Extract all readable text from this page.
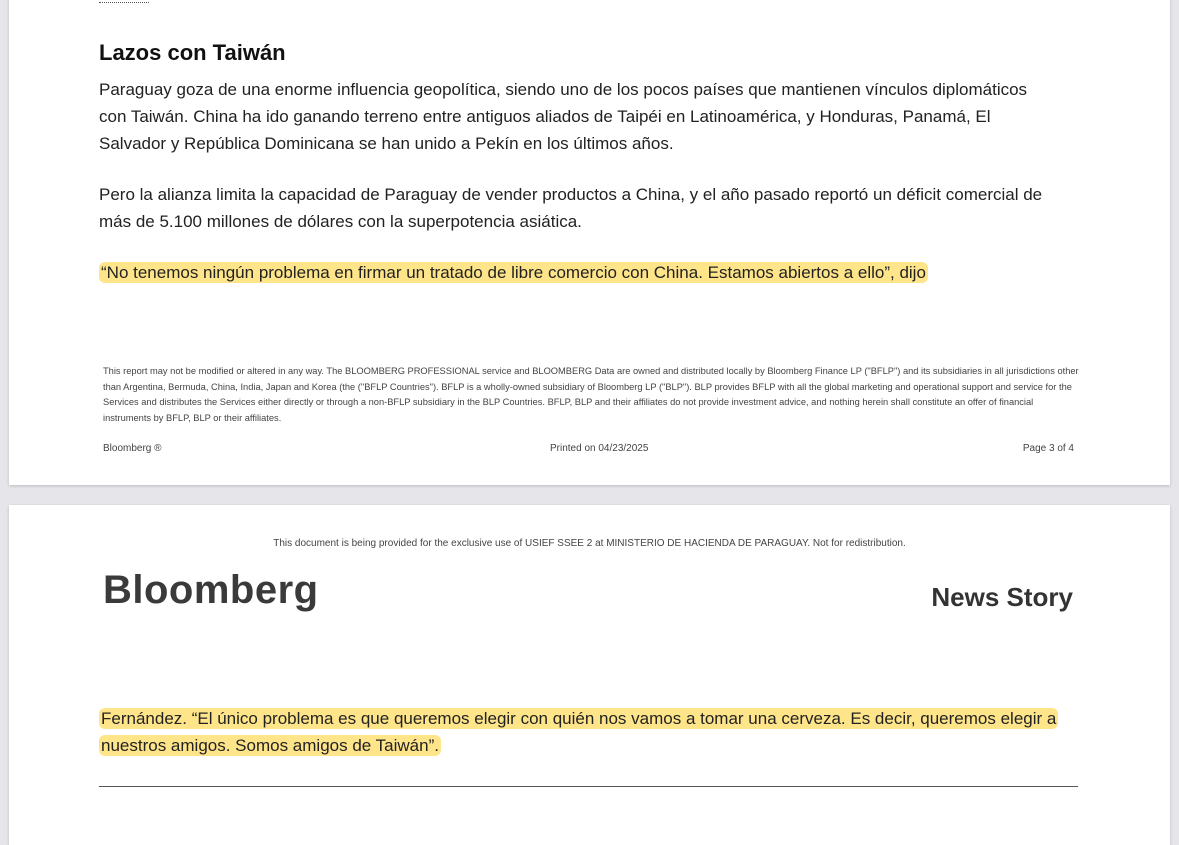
Lazos con Taiwán

Paraguay goza de una enorme influencia geopolítica, siendo uno de los pocos países que mantienen vínculos diplomáticos con Taiwán. China ha ido ganando terreno entre antiguos aliados de Taipéi en Latinoamérica, y Honduras, Panamá, El Salvador y República Dominicana se han unido a Pekín en los últimos años.

Pero la alianza limita la capacidad de Paraguay de vender productos a China, y el año pasado reportó un déficit comercial de más de 5.100 millones de dólares con la superpotencia asiática.

“No tenemos ningún problema en firmar un tratado de libre comercio con China. Estamos abiertos a ello”, dijo

This report may not be modified or altered in any way. The BLOOMBERG PROFESSIONAL service and BLOOMBERG Data are owned and distributed locally by Bloomberg Finance LP ("BFLP") and its subsidiaries in all jurisdictions other than Argentina, Bermuda, China, India, Japan and Korea (the ("BFLP Countries"). BFLP is a wholly-owned subsidiary of Bloomberg LP ("BLP"). BLP provides BFLP with all the global marketing and operational support and service for the Services and distributes the Services either directly or through a non-BFLP subsidiary in the BLP Countries. BFLP, BLP and their affiliates do not provide investment advice, and nothing herein shall constitute an offer of financial instruments by BFLP, BLP or their affiliates.

Bloomberg ®	Printed on 04/23/2025	Page 3 of 4
This document is being provided for the exclusive use of USIEF SSEE 2 at MINISTERIO DE HACIENDA DE PARAGUAY. Not for redistribution.
Bloomberg	News Story

Fernández. “El único problema es que queremos elegir con quién nos vamos a tomar una cerveza. Es decir, queremos elegir a nuestros amigos. Somos amigos de Taiwán”.
